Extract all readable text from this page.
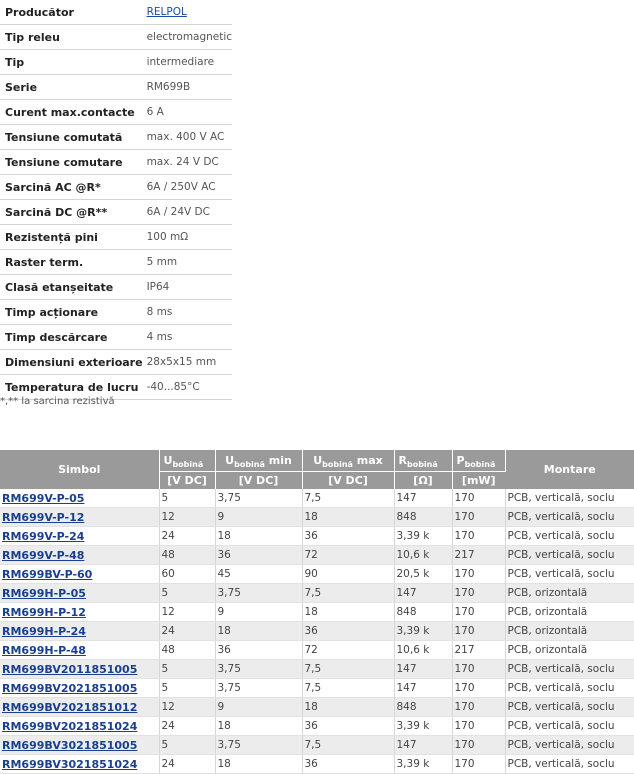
Producător	RELPOL
Tip releu	electromagnetic
Tip	intermediare
Serie	RM699B
Curent max.contacte	6 A
Tensiune comutată	max. 400 V AC
Tensiune comutare	max. 24 V DC
Sarcină AC @R*	6A / 250V AC
Sarcină DC @R**	6A / 24V DC
Rezistență pini	100 mΩ
Raster term.	5 mm
Clasă etanșeitate	IP64
Timp acționare	8 ms
Timp descărcare	4 ms
Dimensiuni exterioare	28x5x15 mm
Temperatura de lucru	-40...85°C
*,** la sarcina rezistivă
Simbol	$U_{bobină}$	$U_{bobină}$ min	$U_{bobină}$ max	$R_{bobină}$	$P_{bobină}$	Montare
	[V DC]	[V DC]	[V DC]	[Ω]	[mW]	
RM699V-P-05	5	3,75	7,5	147	170	PCB, verticală, soclu
RM699V-P-12	12	9	18	848	170	PCB, verticală, soclu
RM699V-P-24	24	18	36	3,39 k	170	PCB, verticală, soclu
RM699V-P-48	48	36	72	10,6 k	217	PCB, verticală, soclu
RM699BV-P-60	60	45	90	20,5 k	170	PCB, verticală, soclu
RM699H-P-05	5	3,75	7,5	147	170	PCB, orizontală
RM699H-P-12	12	9	18	848	170	PCB, orizontală
RM699H-P-24	24	18	36	3,39 k	170	PCB, orizontală
RM699H-P-48	48	36	72	10,6 k	217	PCB, orizontală
RM699BV2011851005	5	3,75	7,5	147	170	PCB, verticală, soclu
RM699BV2021851005	5	3,75	7,5	147	170	PCB, verticală, soclu
RM699BV2021851012	12	9	18	848	170	PCB, verticală, soclu
RM699BV2021851024	24	18	36	3,39 k	170	PCB, verticală, soclu
RM699BV3021851005	5	3,75	7,5	147	170	PCB, verticală, soclu
RM699BV3021851024	24	18	36	3,39 k	170	PCB, verticală, soclu
